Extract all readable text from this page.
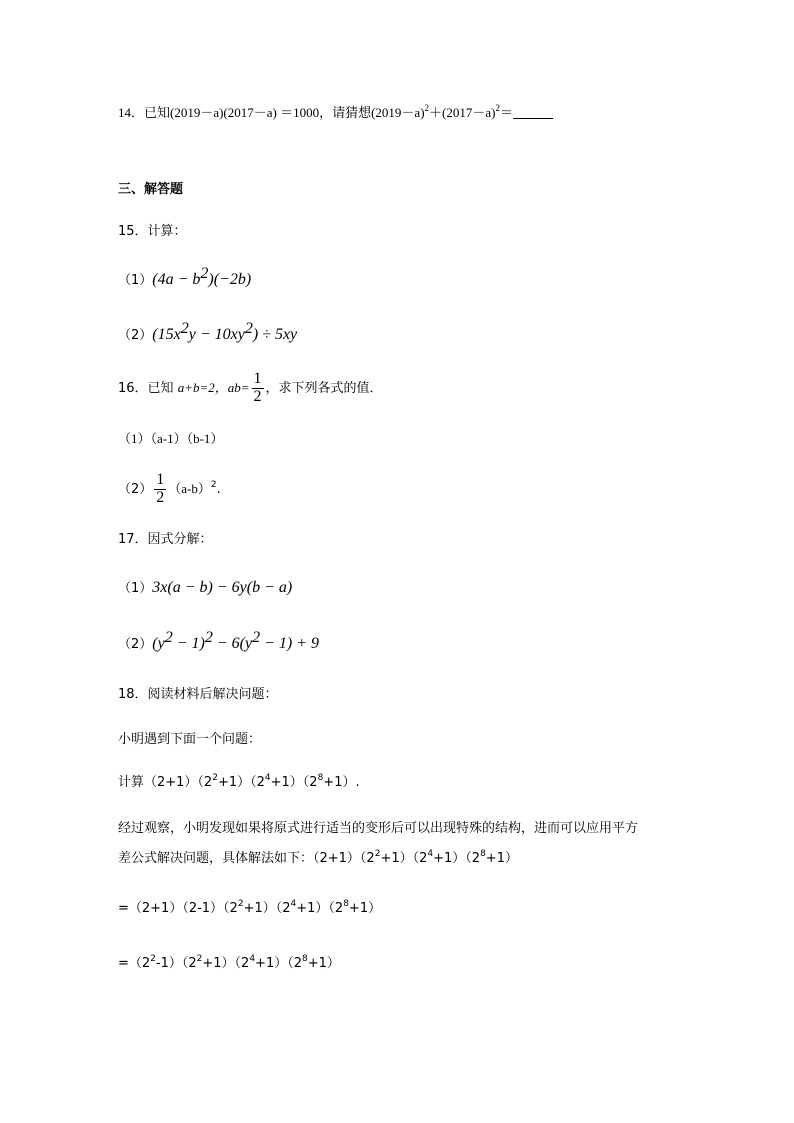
14．已知(2019－a)(2017－a) ＝1000，请猜想$(2019-a)^2+(2017-a)^2=$
三、解答题
15．计算：
$(1)(4a - b^2)(-2b)$
$(2)(15x^2y - 10xy^2) \div 5xy$
16．已知 a+b=2，$ab= \frac{1}{2}$ ，求下列各式的值．
（1）（a-1）（b-1）
$(2) \frac{1}{2} (a-b)^2$.
17．因式分解：
（1）3x(a − b) − 6y(b − a)
$(2)(y^2 - 1)^2 - 6(y^2 - 1) + 9$
18．阅读材料后解决问题：
小明遇到下面一个问题：
计算$(2+1)(2^2+1)(2^4+1)(2^8+1)$.
经过观察，小明发现如果将原式进行适当的变形后可以出现特殊的结构，进而可以应用平方
差公式解决问题，具体解法如下：$(2+1)(2^2+1)(2^4+1)(2^8+1)$
$=(2+1)(2-1)(2^2+1)(2^4+1)(2^8+1)$
$=(2^2-1)(2^2+1)(2^4+1)(2^8+1)$
